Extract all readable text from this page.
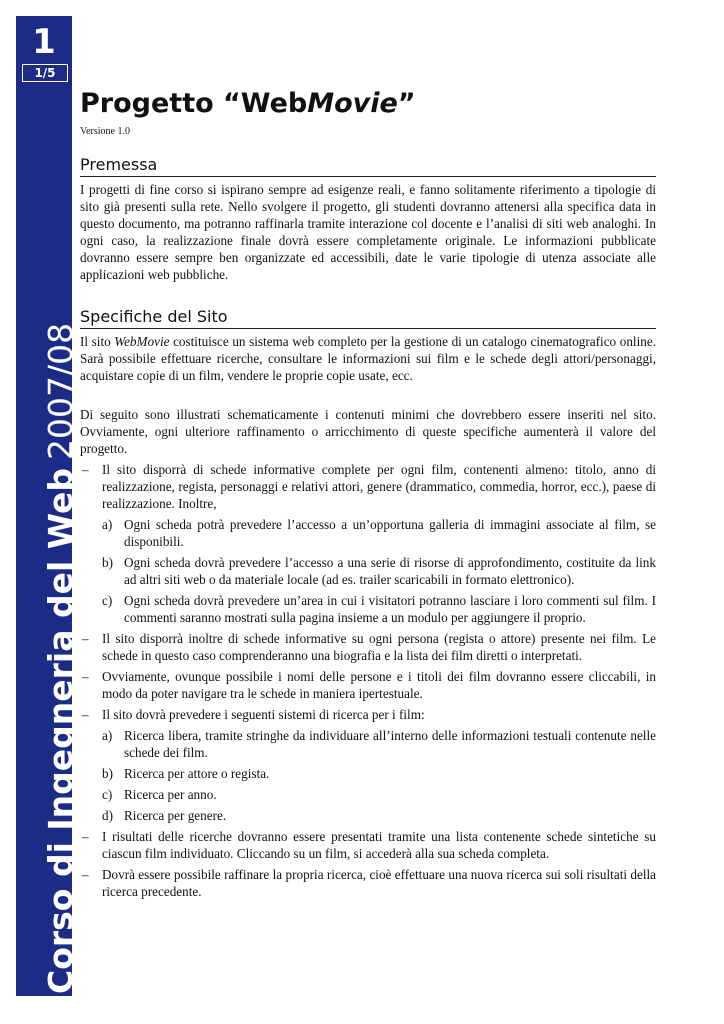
1
1/5
Corso di Ingegneria del Web2007/08
Progetto “WebMovie”
Versione 1.0
Premessa

I progetti di fine corso si ispirano sempre ad esigenze reali, e fanno solitamente riferimento a tipologie di sito già presenti sulla rete. Nello svolgere il progetto, gli studenti dovranno attenersi alla specifica data in questo documento, ma potranno raffinarla tramite interazione col docente e l’analisi di siti web analoghi. In ogni caso, la realizzazione finale dovrà essere completamente originale. Le informazioni pubblicate dovranno essere sempre ben organizzate ed accessibili, date le varie tipologie di utenza associate alle applicazioni web pubbliche.

Specifiche del Sito

Il sito WebMovie costituisce un sistema web completo per la gestione di un catalogo cinematografico online. Sarà possibile effettuare ricerche, consultare le informazioni sui film e le schede degli attori/personaggi, acquistare copie di un film, vendere le proprie copie usate, ecc.

Di seguito sono illustrati schematicamente i contenuti minimi che dovrebbero essere inseriti nel sito. Ovviamente, ogni ulteriore raffinamento o arricchimento di queste specifiche aumenterà il valore del progetto.

– Il sito disporrà di schede informative complete per ogni film, contenenti almeno: titolo, anno di realizzazione, regista, personaggi e relativi attori, genere (drammatico, commedia, horror, ecc.), paese di realizzazione. Inoltre,
a) Ogni scheda potrà prevedere l’accesso a un’opportuna galleria di immagini associate al film, se disponibili.
b) Ogni scheda dovrà prevedere l’accesso a una serie di risorse di approfondimento, costituite da link ad altri siti web o da materiale locale (ad es. trailer scaricabili in formato elettronico).
c) Ogni scheda dovrà prevedere un’area in cui i visitatori potranno lasciare i loro commenti sul film. I commenti saranno mostrati sulla pagina insieme a un modulo per aggiungere il proprio.
– Il sito disporrà inoltre di schede informative su ogni persona (regista o attore) presente nei film. Le schede in questo caso comprenderanno una biografia e la lista dei film diretti o interpretati.
– Ovviamente, ovunque possibile i nomi delle persone e i titoli dei film dovranno essere cliccabili, in modo da poter navigare tra le schede in maniera ipertestuale.
– Il sito dovrà prevedere i seguenti sistemi di ricerca per i film:
a) Ricerca libera, tramite stringhe da individuare all’interno delle informazioni testuali contenute nelle schede dei film.
b) Ricerca per attore o regista.
c) Ricerca per anno.
d) Ricerca per genere.
– I risultati delle ricerche dovranno essere presentati tramite una lista contenente schede sintetiche su ciascun film individuato. Cliccando su un film, si accederà alla sua scheda completa.
– Dovrà essere possibile raffinare la propria ricerca, cioè effettuare una nuova ricerca sui soli risultati della ricerca precedente.
